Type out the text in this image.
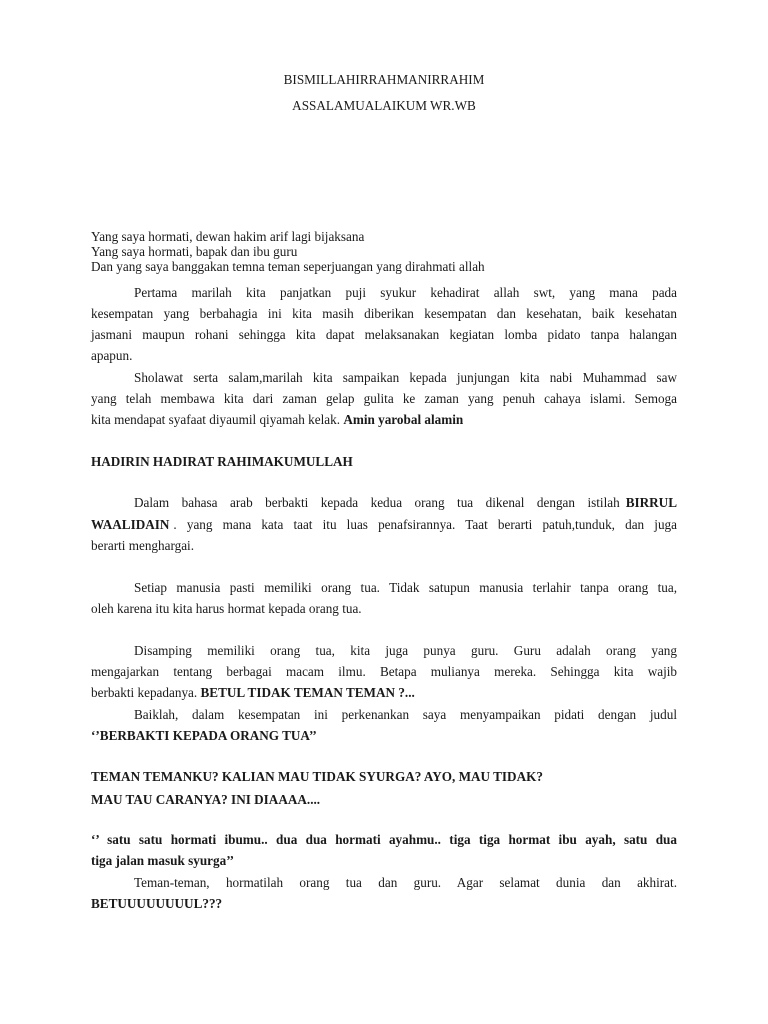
BISMILLAHIRRAHMANIRRAHIM
ASSALAMUALAIKUM WR.WB
Yang saya hormati, dewan hakim arif lagi bijaksana
Yang saya hormati, bapak dan ibu guru
Dan yang saya banggakan temna teman seperjuangan yang dirahmati allah
Pertama marilah kita panjatkan puji syukur kehadirat allah swt, yang mana pada
kesempatan yang berbahagia ini kita masih diberikan kesempatan dan kesehatan, baik kesehatan
jasmani maupun rohani sehingga kita dapat melaksanakan kegiatan lomba pidato tanpa halangan
apapun.
Sholawat serta salam,marilah kita sampaikan kepada junjungan kita nabi Muhammad saw
yang telah membawa kita dari zaman gelap gulita ke zaman yang penuh cahaya islami. Semoga
kita mendapat syafaat diyaumil qiyamah kelak. Amin yarobal alamin
HADIRIN HADIRAT RAHIMAKUMULLAH
Dalam bahasa arab berbakti kepada kedua orang tua dikenal dengan istilah BIRRUL
WAALIDAIN . yang mana kata taat itu luas penafsirannya. Taat berarti patuh,tunduk, dan juga
berarti menghargai.
Setiap manusia pasti memiliki orang tua. Tidak satupun manusia terlahir tanpa orang tua,
oleh karena itu kita harus hormat kepada orang tua.
Disamping memiliki orang tua, kita juga punya guru. Guru adalah orang yang
mengajarkan tentang berbagai macam ilmu. Betapa mulianya mereka. Sehingga kita wajib
berbakti kepadanya. BETUL TIDAK TEMAN TEMAN ?...
Baiklah, dalam kesempatan ini perkenankan saya menyampaikan pidati dengan judul
‘’BERBAKTI KEPADA ORANG TUA’’
TEMAN TEMANKU? KALIAN MAU TIDAK SYURGA? AYO, MAU TIDAK?
MAU TAU CARANYA? INI DIAAAA....
‘’ satu satu hormati ibumu.. dua dua hormati ayahmu.. tiga tiga hormat ibu ayah, satu dua
tiga jalan masuk syurga’’
Teman-teman, hormatilah orang tua dan guru. Agar selamat dunia dan akhirat.
BETUUUUUUUUL???
